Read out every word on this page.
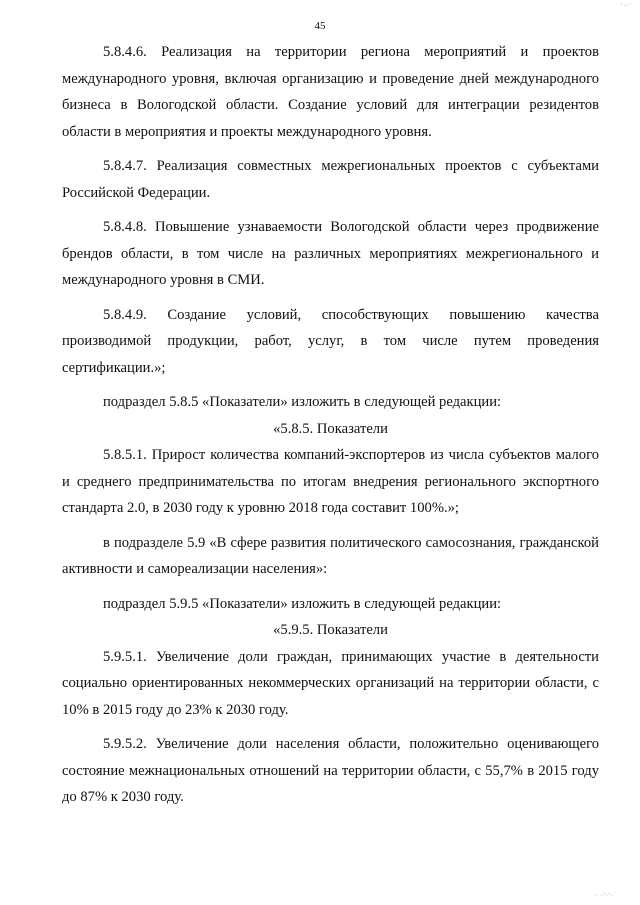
·.··
45

5.8.4.6. Реализация на территории региона мероприятий и проектов международного уровня, включая организацию и проведение дней международного бизнеса в Вологодской области. Создание условий для интеграции резидентов области в мероприятия и проекты международного уровня.

5.8.4.7. Реализация совместных межрегиональных проектов с субъектами Российской Федерации.

5.8.4.8. Повышение узнаваемости Вологодской области через продвижение брендов области, в том числе на различных мероприятиях межрегионального и международного уровня в СМИ.

5.8.4.9. Создание условий, способствующих повышению качества производимой продукции, работ, услуг, в том числе путем проведения сертификации.»;

подраздел 5.8.5 «Показатели» изложить в следующей редакции:

«5.8.5. Показатели

5.8.5.1. Прирост количества компаний-экспортеров из числа субъектов малого и среднего предпринимательства по итогам внедрения регионального экспортного стандарта 2.0, в 2030 году к уровню 2018 года составит 100%.»;

в подразделе 5.9 «В сфере развития политического самосознания, гражданской активности и самореализации населения»:

подраздел 5.9.5 «Показатели» изложить в следующей редакции:

«5.9.5. Показатели

5.9.5.1. Увеличение доли граждан, принимающих участие в деятельности социально ориентированных некоммерческих организаций на территории области, с 10% в 2015 году до 23% к 2030 году.

5.9.5.2. Увеличение доли населения области, положительно оценивающего состояние межнациональных отношений на территории области, с 55,7% в 2015 году до 87% к 2030 году.

· ·'·'·
